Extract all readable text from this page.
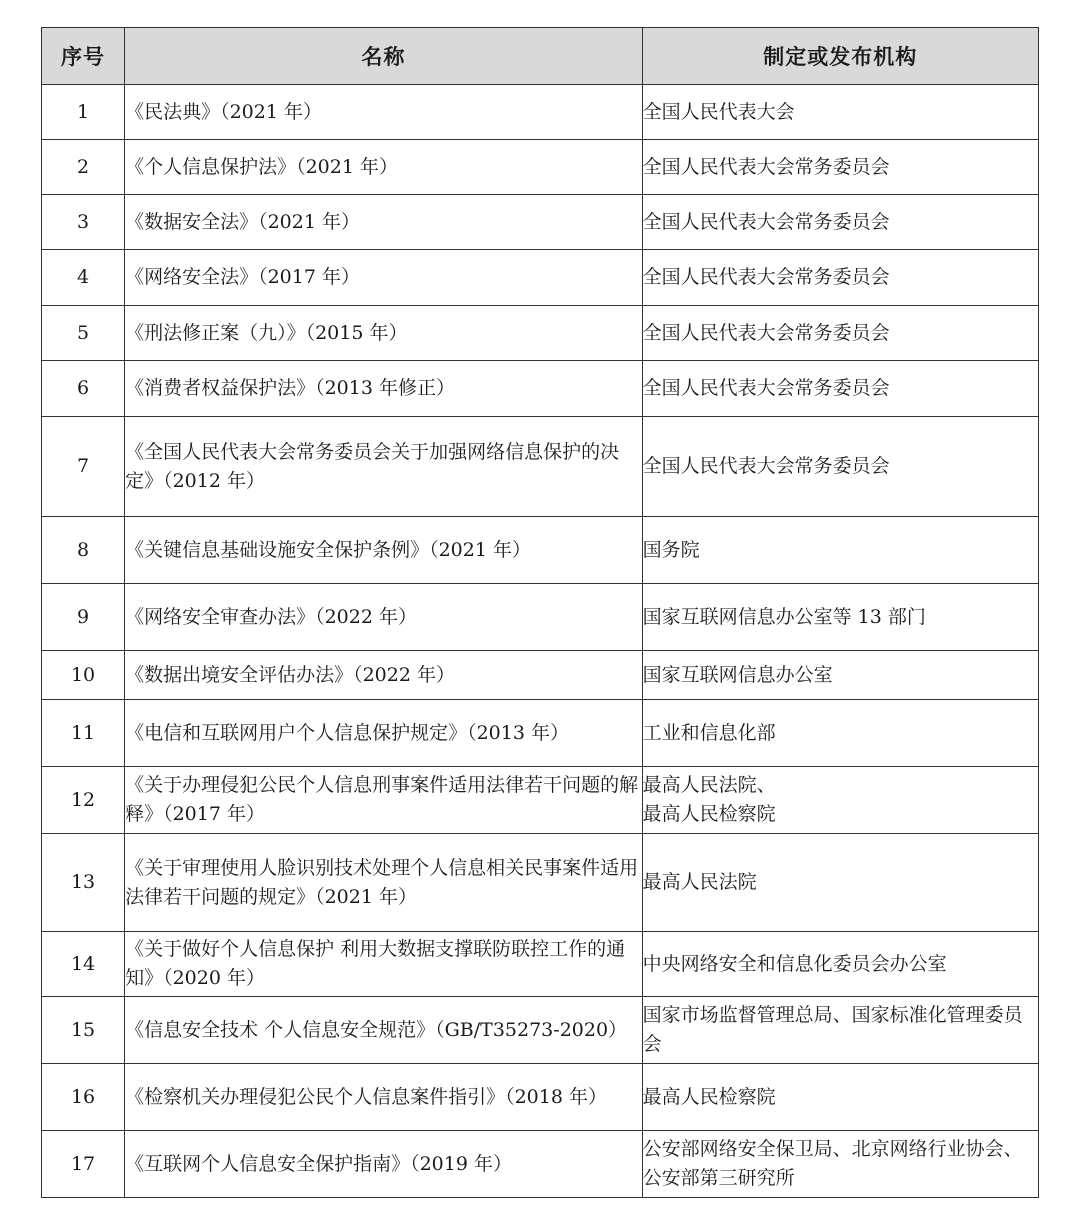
序号	名称	制定或发布机构
1	《民法典》（2021 年）	全国人民代表大会
2	《个人信息保护法》（2021 年）	全国人民代表大会常务委员会
3	《数据安全法》（2021 年）	全国人民代表大会常务委员会
4	《网络安全法》（2017 年）	全国人民代表大会常务委员会
5	《刑法修正案（九）》（2015 年）	全国人民代表大会常务委员会
6	《消费者权益保护法》（2013 年修正）	全国人民代表大会常务委员会
7	《全国人民代表大会常务委员会关于加强网络信息保护的决定》（2012 年）	全国人民代表大会常务委员会
8	《关键信息基础设施安全保护条例》（2021 年）	国务院
9	《网络安全审查办法》（2022 年）	国家互联网信息办公室等 13 部门
10	《数据出境安全评估办法》（2022 年）	国家互联网信息办公室
11	《电信和互联网用户个人信息保护规定》（2013 年）	工业和信息化部
12	《关于办理侵犯公民个人信息刑事案件适用法律若干问题的解释》（2017 年）	最高人民法院、
最高人民检察院
13	《关于审理使用人脸识别技术处理个人信息相关民事案件适用法律若干问题的规定》（2021 年）	最高人民法院
14	《关于做好个人信息保护 利用大数据支撑联防联控工作的通知》（2020 年）	中央网络安全和信息化委员会办公室
15	《信息安全技术 个人信息安全规范》（GB/T35273-2020）	国家市场监督管理总局、国家标准化管理委员会
16	《检察机关办理侵犯公民个人信息案件指引》（2018 年）	最高人民检察院
17	《互联网个人信息安全保护指南》（2019 年）	公安部网络安全保卫局、北京网络行业协会、公安部第三研究所
